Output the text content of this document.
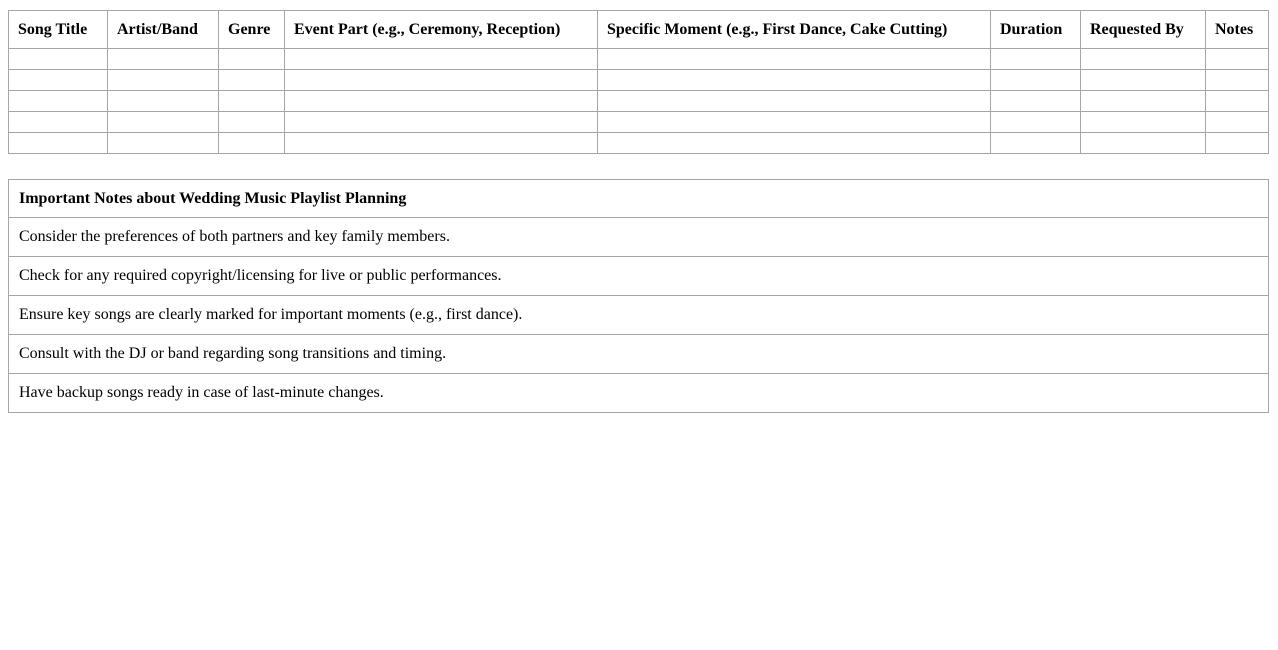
Song Title	Artist/Band	Genre	Event Part (e.g., Ceremony, Reception)	Specific Moment (e.g., First Dance, Cake Cutting)	Duration	Requested By	Notes

Important Notes about Wedding Music Playlist Planning
Consider the preferences of both partners and key family members.
Check for any required copyright/licensing for live or public performances.
Ensure key songs are clearly marked for important moments (e.g., first dance).
Consult with the DJ or band regarding song transitions and timing.
Have backup songs ready in case of last-minute changes.
